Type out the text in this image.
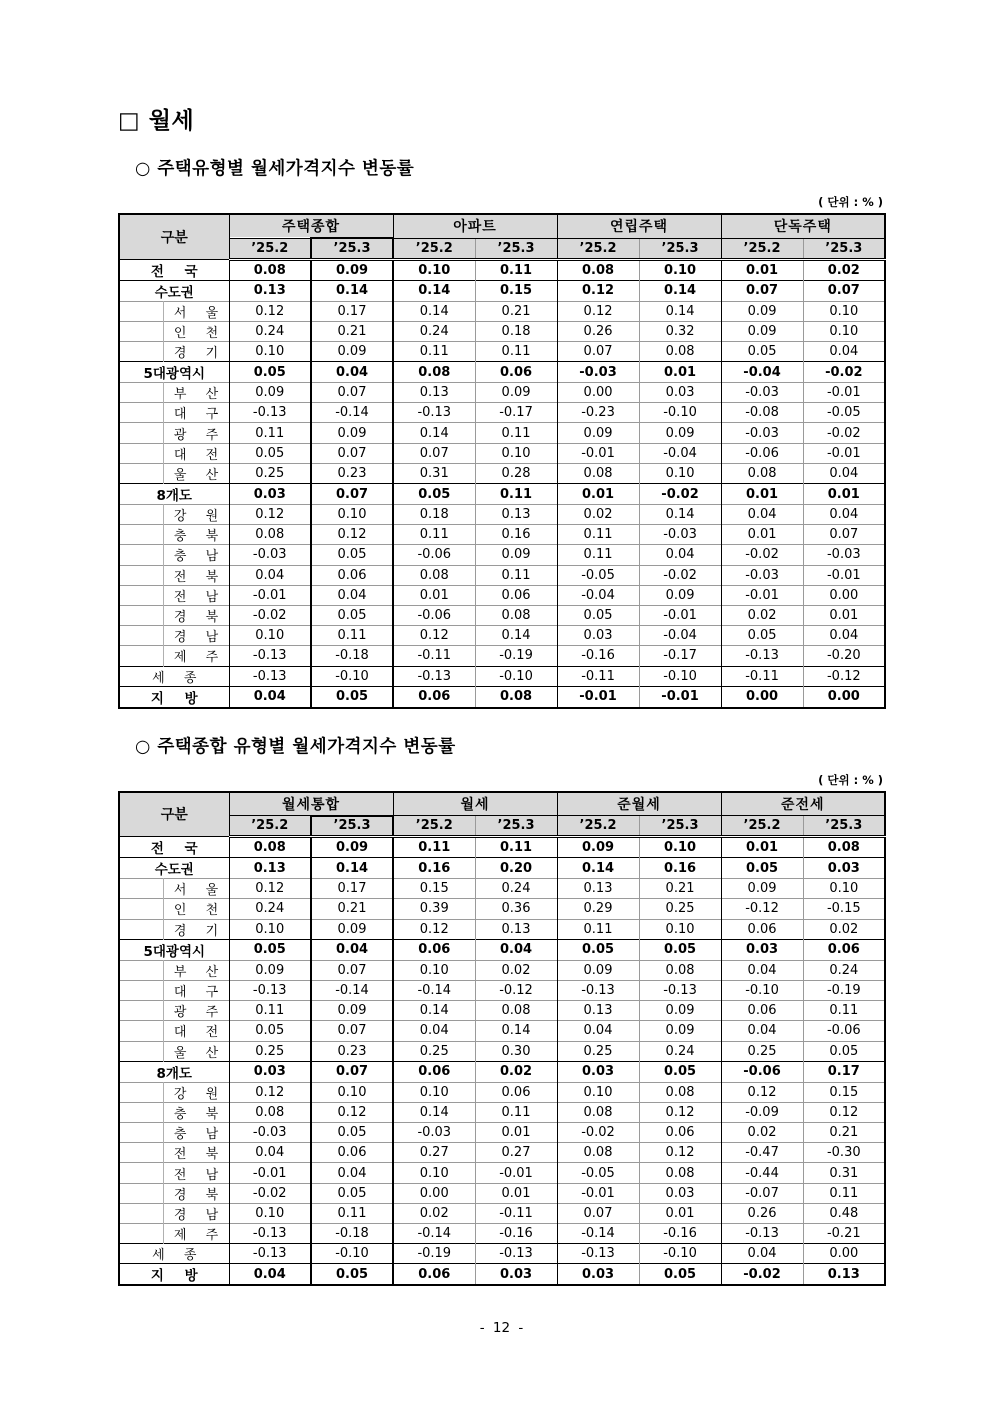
□ 월세
○ 주택유형별 월세가격지수 변동률
( 단위 : % )
구분		주택종합		아파트		연립주택		단독주택	
		’25.2	’25.3	’25.2	’25.3	’25.2	’25.3	’25.2	’25.3
전 국		0.08	0.09	0.10	0.11	0.08	0.10	0.01	0.02
수도권		0.13	0.14	0.14	0.15	0.12	0.14	0.07	0.07
	서 울	0.12	0.17	0.14	0.21	0.12	0.14	0.09	0.10
	인 천	0.24	0.21	0.24	0.18	0.26	0.32	0.09	0.10
	경 기	0.10	0.09	0.11	0.11	0.07	0.08	0.05	0.04
5대광역시		0.05	0.04	0.08	0.06	-0.03	0.01	-0.04	-0.02
	부 산	0.09	0.07	0.13	0.09	0.00	0.03	-0.03	-0.01
	대 구	-0.13	-0.14	-0.13	-0.17	-0.23	-0.10	-0.08	-0.05
	광 주	0.11	0.09	0.14	0.11	0.09	0.09	-0.03	-0.02
	대 전	0.05	0.07	0.07	0.10	-0.01	-0.04	-0.06	-0.01
	울 산	0.25	0.23	0.31	0.28	0.08	0.10	0.08	0.04
8개도		0.03	0.07	0.05	0.11	0.01	-0.02	0.01	0.01
	강 원	0.12	0.10	0.18	0.13	0.02	0.14	0.04	0.04
	충 북	0.08	0.12	0.11	0.16	0.11	-0.03	0.01	0.07
	충 남	-0.03	0.05	-0.06	0.09	0.11	0.04	-0.02	-0.03
	전 북	0.04	0.06	0.08	0.11	-0.05	-0.02	-0.03	-0.01
	전 남	-0.01	0.04	0.01	0.06	-0.04	0.09	-0.01	0.00
	경 북	-0.02	0.05	-0.06	0.08	0.05	-0.01	0.02	0.01
	경 남	0.10	0.11	0.12	0.14	0.03	-0.04	0.05	0.04
	제 주	-0.13	-0.18	-0.11	-0.19	-0.16	-0.17	-0.13	-0.20
세 종		-0.13	-0.10	-0.13	-0.10	-0.11	-0.10	-0.11	-0.12
지 방		0.04	0.05	0.06	0.08	-0.01	-0.01	0.00	0.00
○ 주택종합 유형별 월세가격지수 변동률
( 단위 : % )
구분		월세통합		월세		준월세		준전세	
		’25.2	’25.3	’25.2	’25.3	’25.2	’25.3	’25.2	’25.3
전 국		0.08	0.09	0.11	0.11	0.09	0.10	0.01	0.08
수도권		0.13	0.14	0.16	0.20	0.14	0.16	0.05	0.03
	서 울	0.12	0.17	0.15	0.24	0.13	0.21	0.09	0.10
	인 천	0.24	0.21	0.39	0.36	0.29	0.25	-0.12	-0.15
	경 기	0.10	0.09	0.12	0.13	0.11	0.10	0.06	0.02
5대광역시		0.05	0.04	0.06	0.04	0.05	0.05	0.03	0.06
	부 산	0.09	0.07	0.10	0.02	0.09	0.08	0.04	0.24
	대 구	-0.13	-0.14	-0.14	-0.12	-0.13	-0.13	-0.10	-0.19
	광 주	0.11	0.09	0.14	0.08	0.13	0.09	0.06	0.11
	대 전	0.05	0.07	0.04	0.14	0.04	0.09	0.04	-0.06
	울 산	0.25	0.23	0.25	0.30	0.25	0.24	0.25	0.05
8개도		0.03	0.07	0.06	0.02	0.03	0.05	-0.06	0.17
	강 원	0.12	0.10	0.10	0.06	0.10	0.08	0.12	0.15
	충 북	0.08	0.12	0.14	0.11	0.08	0.12	-0.09	0.12
	충 남	-0.03	0.05	-0.03	0.01	-0.02	0.06	0.02	0.21
	전 북	0.04	0.06	0.27	0.27	0.08	0.12	-0.47	-0.30
	전 남	-0.01	0.04	0.10	-0.01	-0.05	0.08	-0.44	0.31
	경 북	-0.02	0.05	0.00	0.01	-0.01	0.03	-0.07	0.11
	경 남	0.10	0.11	0.02	-0.11	0.07	0.01	0.26	0.48
	제 주	-0.13	-0.18	-0.14	-0.16	-0.14	-0.16	-0.13	-0.21
세 종		-0.13	-0.10	-0.19	-0.13	-0.13	-0.10	0.04	0.00
지 방		0.04	0.05	0.06	0.03	0.03	0.05	-0.02	0.13
- 12 -
